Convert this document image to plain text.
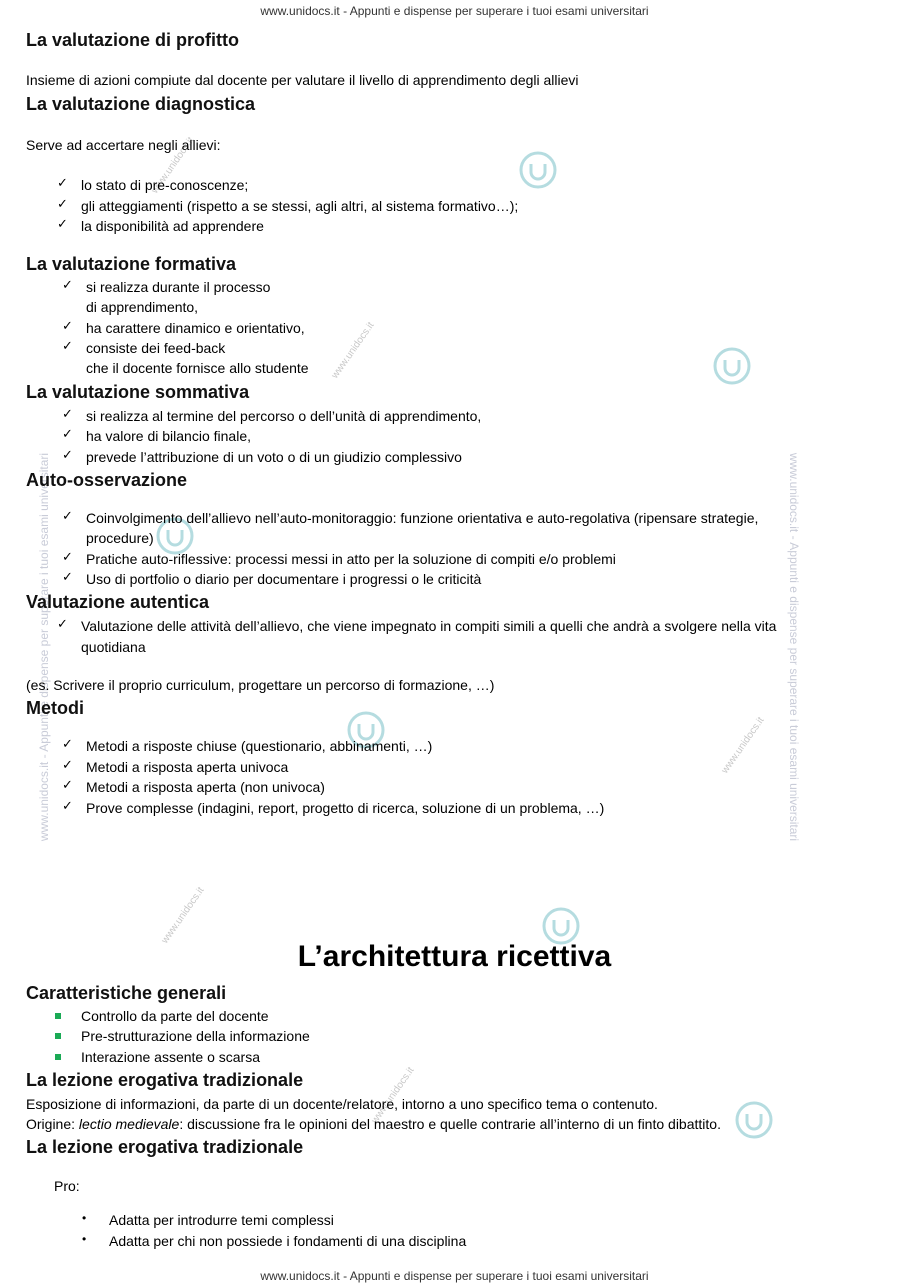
www.unidocs.it - Appunti e dispense per superare i tuoi esami universitari
www.unidocs.it - Appunti e dispense per superare i tuoi esami universitari
www.unidocs.it - Appunti e dispense per superare i tuoi esami universitari	www.unidocs.it - Appunti e dispense per superare i tuoi esami universitari
www.unidocs.it
www.unidocs.it
www.unidocs.it
www.unidocs.it
www.unidocs.it
La valutazione di profitto
Insieme di azioni compiute dal docente per valutare il livello di apprendimento degli allievi
La valutazione diagnostica
Serve ad accertare negli allievi:
✓ lo stato di pre-conoscenze;
✓ gli atteggiamenti (rispetto a se stessi, agli altri, al sistema formativo…);
✓ la disponibilità ad apprendere
La valutazione formativa
✓ si realizza durante il processo
di apprendimento,
✓ ha carattere dinamico e orientativo,
✓ consiste dei feed-back
che il docente fornisce allo studente
La valutazione sommativa
✓ si realizza al termine del percorso o dell’unità di apprendimento,
✓ ha valore di bilancio finale,
✓ prevede l’attribuzione di un voto o di un giudizio complessivo
Auto-osservazione
✓ Coinvolgimento dell’allievo nell’auto-monitoraggio: funzione orientativa e auto-regolativa (ripensare strategie,
procedure)
✓ Pratiche auto-riflessive: processi messi in atto per la soluzione di compiti e/o problemi
✓ Uso di portfolio o diario per documentare i progressi o le criticità
Valutazione autentica
✓ Valutazione delle attività dell’allievo, che viene impegnato in compiti simili a quelli che andrà a svolgere nella vita
quotidiana
(es. Scrivere il proprio curriculum, progettare un percorso di formazione, …)
Metodi
✓ Metodi a risposte chiuse (questionario, abbinamenti, …)
✓ Metodi a risposta aperta univoca
✓ Metodi a risposta aperta (non univoca)
✓ Prove complesse (indagini, report, progetto di ricerca, soluzione di un problema, …)
L’architettura ricettiva
Caratteristiche generali
Controllo da parte del docente
Pre-strutturazione della informazione
Interazione assente o scarsa
La lezione erogativa tradizionale
Esposizione di informazioni, da parte di un docente/relatore, intorno a uno specifico tema o contenuto.
Origine: lectio medievale: discussione fra le opinioni del maestro e quelle contrarie all’interno di un finto dibattito.
La lezione erogativa tradizionale
Pro:
• Adatta per introdurre temi complessi
• Adatta per chi non possiede i fondamenti di una disciplina
